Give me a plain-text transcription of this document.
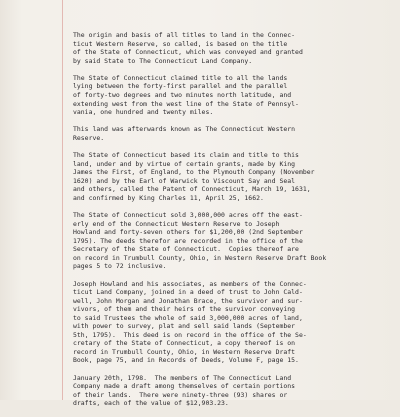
The origin and basis of all titles to land in the Connec-
ticut Western Reserve, so called, is based on the title
of the State of Connecticut, which was conveyed and granted
by said State to The Connecticut Land Company.

The State of Connecticut claimed title to all the lands
lying between the forty-first parallel and the parallel
of forty-two degrees and two minutes north latitude, and
extending west from the west line of the State of Pennsyl-
vania, one hundred and twenty miles.

This land was afterwards known as The Connecticut Western
Reserve.

The State of Connecticut based its claim and title to this
land, under and by virtue of certain grants, made by King
James the First, of England, to the Plymouth Company (November
1620) and by the Earl of Warwick to Viscount Say and Seal
and others, called the Patent of Connecticut, March 19, 1631,
and confirmed by King Charles 11, April 25, 1662.

The State of Connecticut sold 3,000,000 acres off the east-
erly end of the Connecticut Western Reserve to Joseph
Howland and forty-seven others for $1,200,00 (2nd September
1795). The deeds therefor are recorded in the office of the
Secretary of the State of Connecticut.  Copies thereof are
on record in Trumbull County, Ohio, in Western Reserve Draft Book
pages 5 to 72 inclusive.

Joseph Howland and his associates, as members of the Connec-
ticut Land Company, joined in a deed of trust to John Cald-
well, John Morgan and Jonathan Brace, the survivor and sur-
vivors, of them and their heirs of the survivor conveying
to said Trustees the whole of said 3,000,000 acres of land,
with power to survey, plat and sell said lands (September
5th, 1795).  This deed is on record in the office of the Se-
cretary of the State of Connecticut, a copy thereof is on
record in Trumbull County, Ohio, in Western Reserve Draft
Book, page 75, and in Records of Deeds, Volume F, page 15.

January 20th, 1798.  The members of The Connecticut Land
Company made a draft among themselves of certain portions
of their lands.  There were ninety-three (93) shares or
drafts, each of the value of $12,903.23.
